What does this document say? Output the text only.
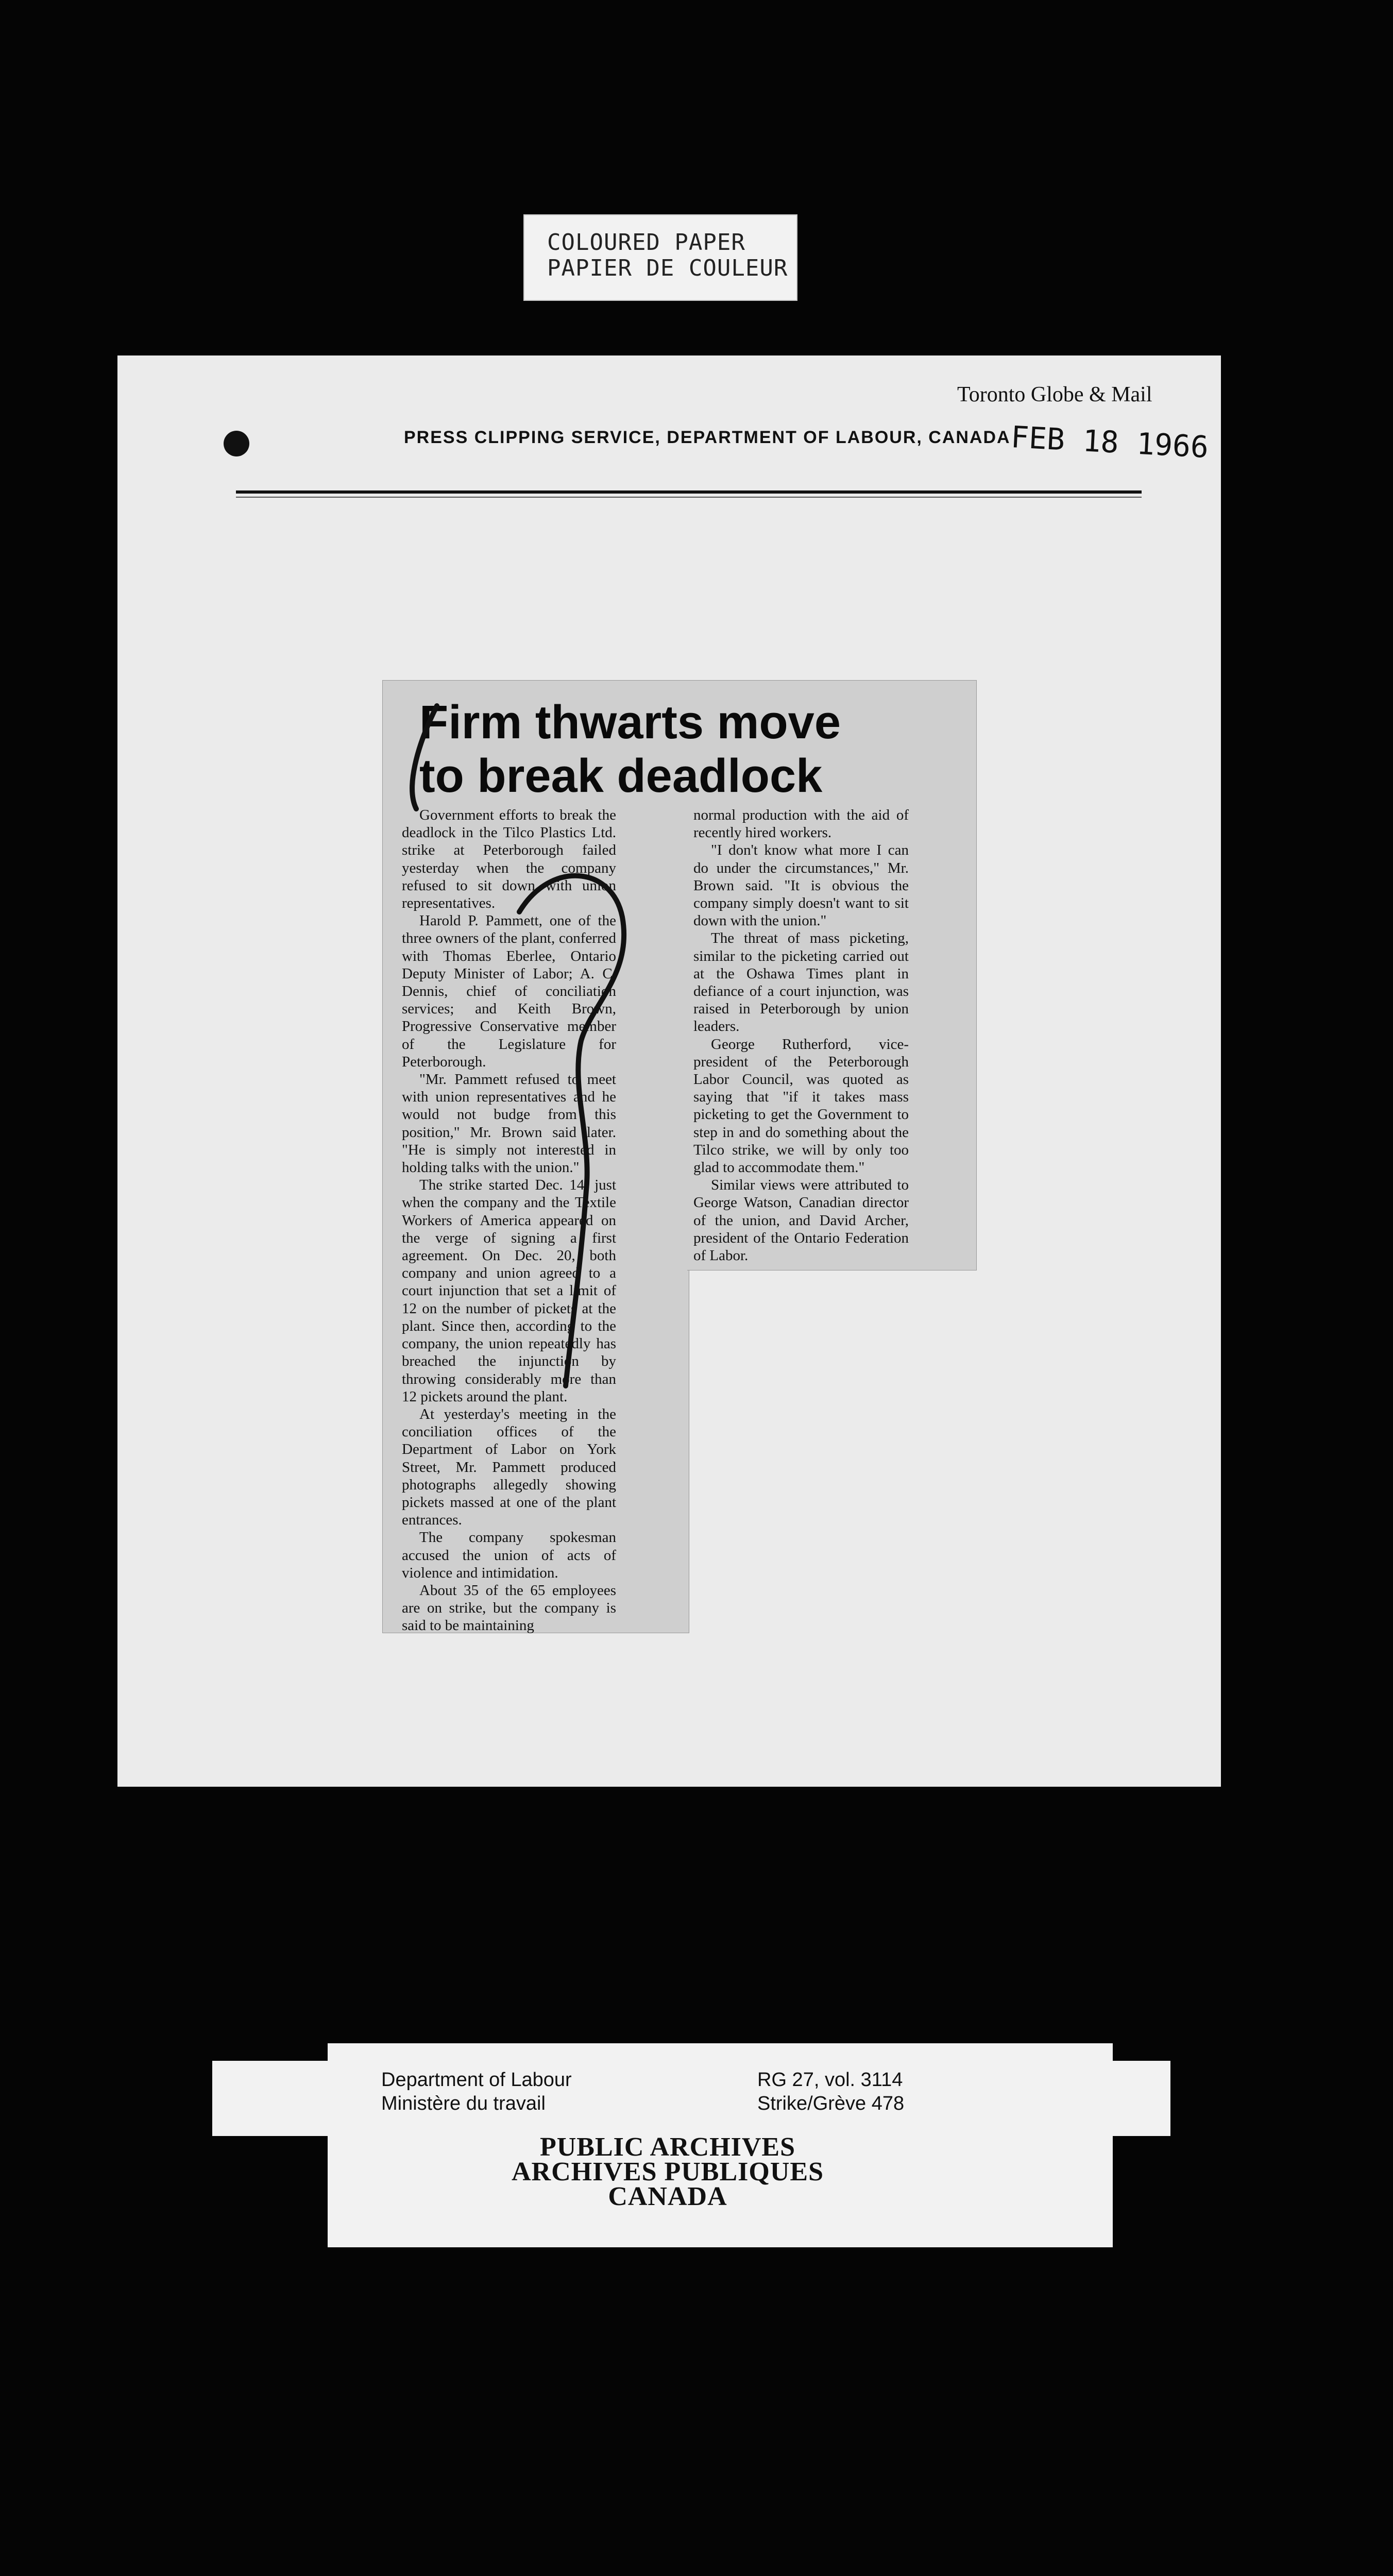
COLOURED PAPER
PAPIER DE COULEUR
Toronto Globe & Mail
PRESS CLIPPING SERVICE, DEPARTMENT OF LABOUR, CANADA
FEB 18 1966
Firm thwarts move
to break deadlock

Government efforts to break the deadlock in the Tilco Plastics Ltd. strike at Peterborough failed yesterday when the company refused to sit down with union representatives.

Harold P. Pammett, one of the three owners of the plant, conferred with Thomas Eberlee, Ontario Deputy Minister of Labor; A. C. Dennis, chief of conciliation services; and Keith Brown, Progressive Conservative member of the Legislature for Peterborough.

"Mr. Pammett refused to meet with union representatives and he would not budge from this position," Mr. Brown said later. "He is simply not interested in holding talks with the union."

The strike started Dec. 14, just when the company and the Textile Workers of America appeared on the verge of signing a first agreement. On Dec. 20, both company and union agreed to a court injunction that set a limit of 12 on the number of pickets at the plant. Since then, according to the company, the union repeatedly has breached the injunction by throwing considerably more than 12 pickets around the plant.

At yesterday's meeting in the conciliation offices of the Department of Labor on York Street, Mr. Pammett produced photographs allegedly showing pickets massed at one of the plant entrances.

The company spokesman accused the union of acts of violence and intimidation.

About 35 of the 65 employees are on strike, but the company is said to be maintaining

normal production with the aid of recently hired workers.

"I don't know what more I can do under the circumstances," Mr. Brown said. "It is obvious the company simply doesn't want to sit down with the union."

The threat of mass picketing, similar to the picketing carried out at the Oshawa Times plant in defiance of a court injunction, was raised in Peterborough by union leaders.

George Rutherford, vice-president of the Peterborough Labor Council, was quoted as saying that "if it takes mass picketing to get the Government to step in and do something about the Tilco strike, we will by only too glad to accommodate them."

Similar views were attributed to George Watson, Canadian director of the union, and David Archer, president of the Ontario Federation of Labor.

Department of Labour
Ministère du travail
RG 27, vol. 3114
Strike/Grève 478
PUBLIC ARCHIVES
ARCHIVES PUBLIQUES
CANADA
